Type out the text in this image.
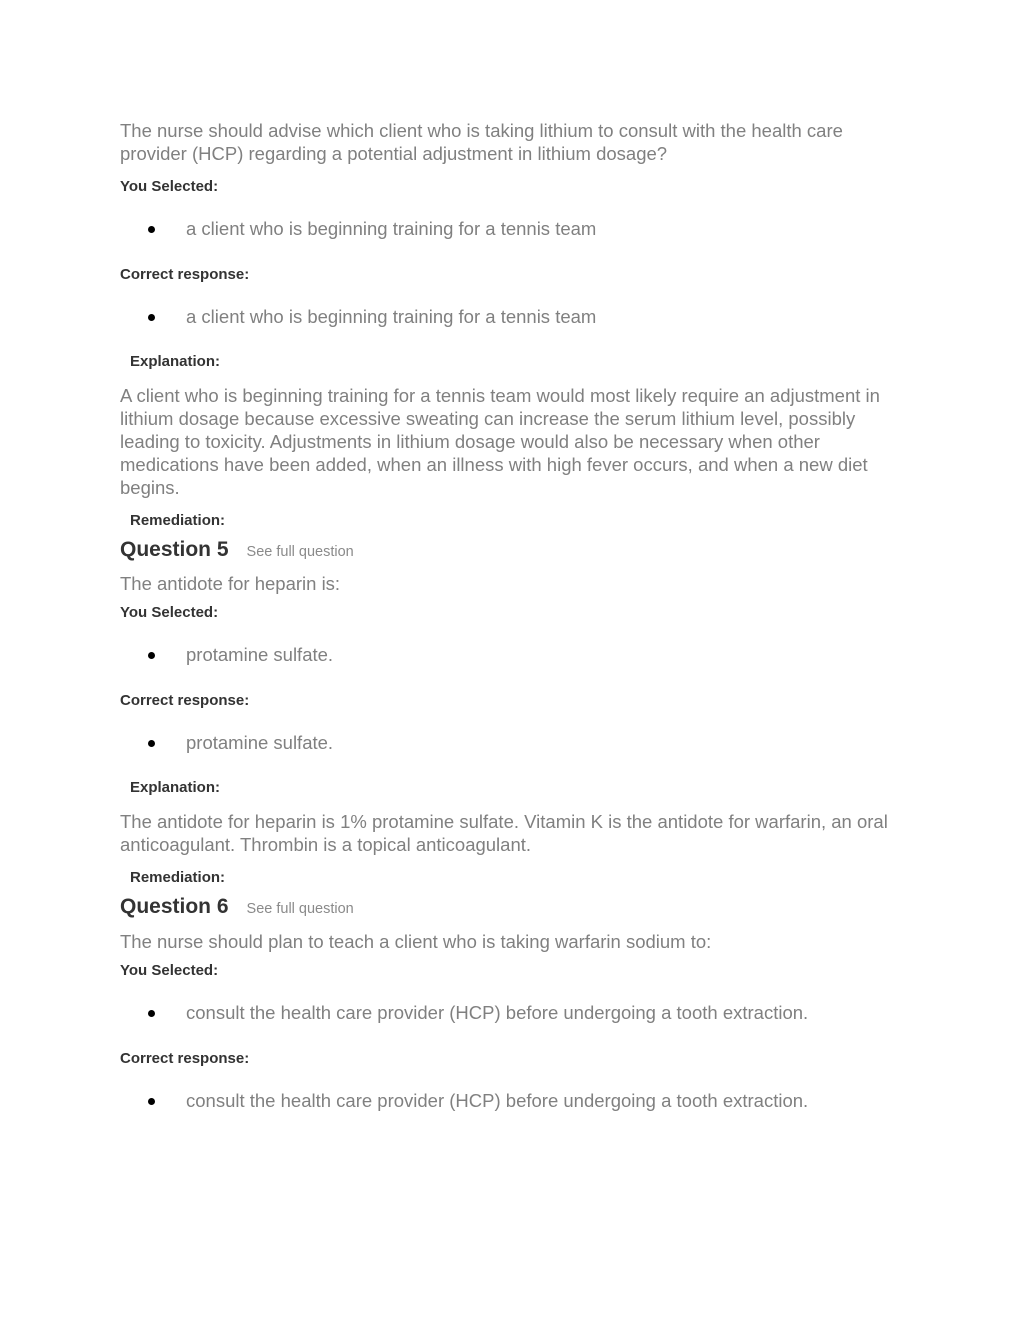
The nurse should advise which client who is taking lithium to consult with the health care provider (HCP) regarding a potential adjustment in lithium dosage?

You Selected:

a client who is beginning training for a tennis team

Correct response:

a client who is beginning training for a tennis team

Explanation:

A client who is beginning training for a tennis team would most likely require an adjustment in lithium dosage because excessive sweating can increase the serum lithium level, possibly leading to toxicity. Adjustments in lithium dosage would also be necessary when other medications have been added, when an illness with high fever occurs, and when a new diet begins.

Remediation:

Question 5 See full question

The antidote for heparin is:

You Selected:

protamine sulfate.

Correct response:

protamine sulfate.

Explanation:

The antidote for heparin is 1% protamine sulfate. Vitamin K is the antidote for warfarin, an oral anticoagulant. Thrombin is a topical anticoagulant.

Remediation:

Question 6 See full question

The nurse should plan to teach a client who is taking warfarin sodium to:

You Selected:

consult the health care provider (HCP) before undergoing a tooth extraction.

Correct response:

consult the health care provider (HCP) before undergoing a tooth extraction.
